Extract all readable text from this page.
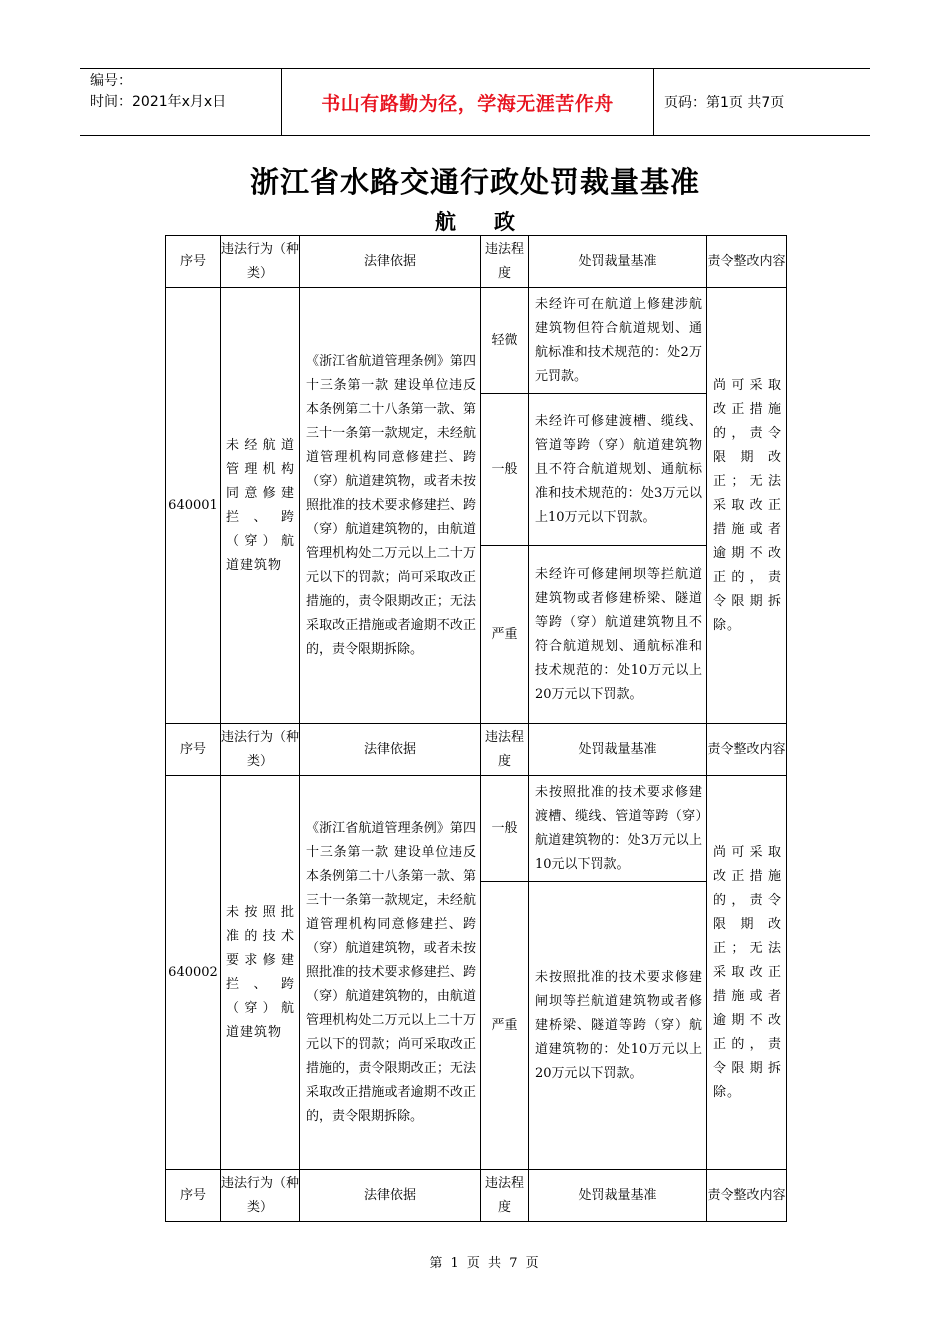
编号：
时间：2021年x月x日	书山有路勤为径，学海无涯苦作舟	页码：第1页 共7页
浙江省水路交通行政处罚裁量基准
航政
序号	违法行为（种类）	法律依据	违法程度	处罚裁量基准	责令整改内容
640001	未经航道管理机构同意修建拦、跨（穿）航道建筑物	《浙江省航道管理条例》第四十三条第一款 建设单位违反本条例第二十八条第一款、第三十一条第一款规定，未经航道管理机构同意修建拦、跨（穿）航道建筑物，或者未按照批准的技术要求修建拦、跨（穿）航道建筑物的，由航道管理机构处二万元以上二十万元以下的罚款；尚可采取改正措施的，责令限期改正；无法采取改正措施或者逾期不改正的，责令限期拆除。	轻微	未经许可在航道上修建涉航建筑物但符合航道规划、通航标准和技术规范的：处2万元罚款。	尚可采取改正措施的，责令限期改正；无法采取改正措施或者逾期不改正的，责令限期拆除。
			一般	未经许可修建渡槽、缆线、管道等跨（穿）航道建筑物且不符合航道规划、通航标准和技术规范的：处3万元以上10万元以下罚款。	
			严重	未经许可修建闸坝等拦航道建筑物或者修建桥梁、隧道等跨（穿）航道建筑物且不符合航道规划、通航标准和技术规范的：处10万元以上20万元以下罚款。	
序号	违法行为（种类）	法律依据	违法程度	处罚裁量基准	责令整改内容
640002	未按照批准的技术要求修建拦、跨（穿）航道建筑物	《浙江省航道管理条例》第四十三条第一款 建设单位违反本条例第二十八条第一款、第三十一条第一款规定，未经航道管理机构同意修建拦、跨（穿）航道建筑物，或者未按照批准的技术要求修建拦、跨（穿）航道建筑物的，由航道管理机构处二万元以上二十万元以下的罚款；尚可采取改正措施的，责令限期改正；无法采取改正措施或者逾期不改正的，责令限期拆除。	一般	未按照批准的技术要求修建渡槽、缆线、管道等跨（穿）航道建筑物的：处3万元以上10元以下罚款。	尚可采取改正措施的，责令限期改正；无法采取改正措施或者逾期不改正的，责令限期拆除。
			严重	未按照批准的技术要求修建闸坝等拦航道建筑物或者修建桥梁、隧道等跨（穿）航道建筑物的：处10万元以上20万元以下罚款。	
序号	违法行为（种类）	法律依据	违法程度	处罚裁量基准	责令整改内容
第 1 页 共 7 页
